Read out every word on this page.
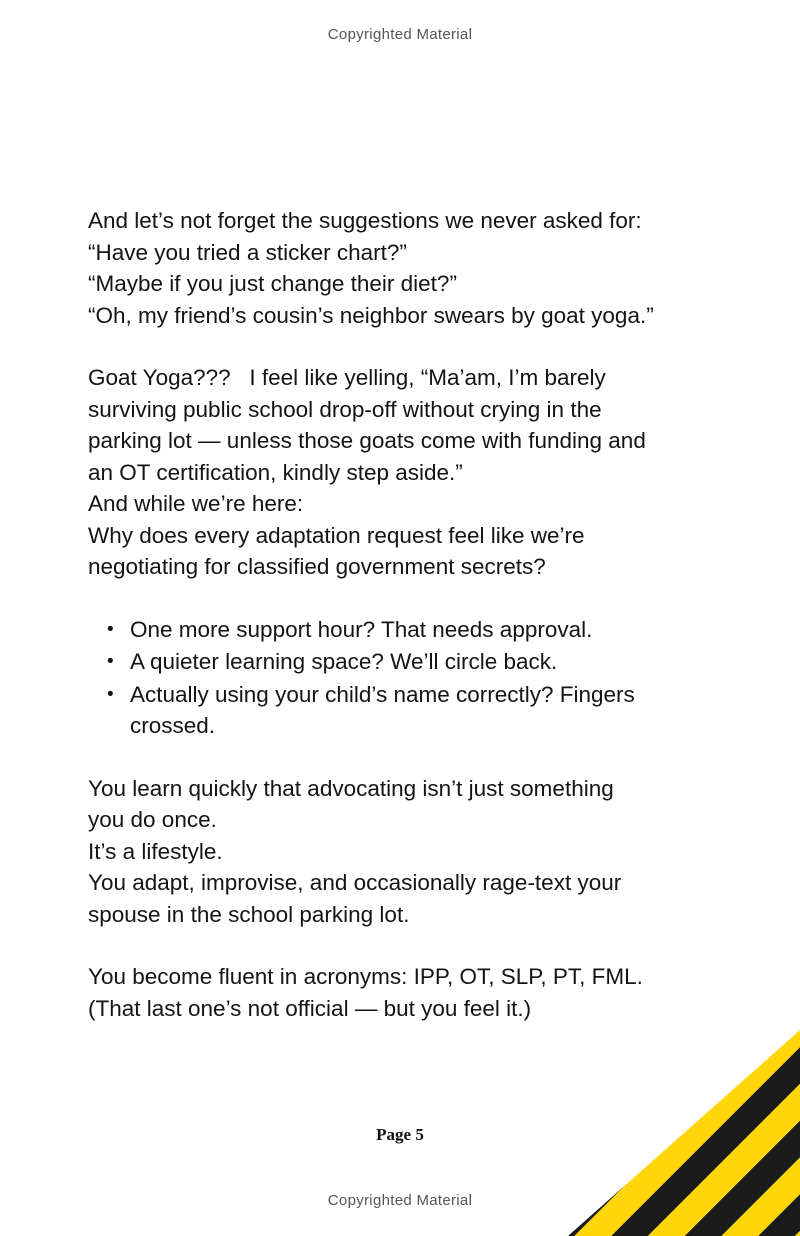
Copyrighted Material

And let’s not forget the suggestions we never asked for:
“Have you tried a sticker chart?”
“Maybe if you just change their diet?”
“Oh, my friend’s cousin’s neighbor swears by goat yoga.”

Goat Yoga???   I feel like yelling, “Ma’am, I’m barely
surviving public school drop-off without crying in the
parking lot — unless those goats come with funding and
an OT certification, kindly step aside.”
And while we’re here:
Why does every adaptation request feel like we’re
negotiating for classified government secrets?

• One more support hour? That needs approval.
• A quieter learning space? We’ll circle back.
• Actually using your child’s name correctly? Fingers crossed.

You learn quickly that advocating isn’t just something
you do once.
It’s a lifestyle.
You adapt, improvise, and occasionally rage-text your
spouse in the school parking lot.

You become fluent in acronyms: IPP, OT, SLP, PT, FML.
(That last one’s not official — but you feel it.)

Page 5
Copyrighted Material
